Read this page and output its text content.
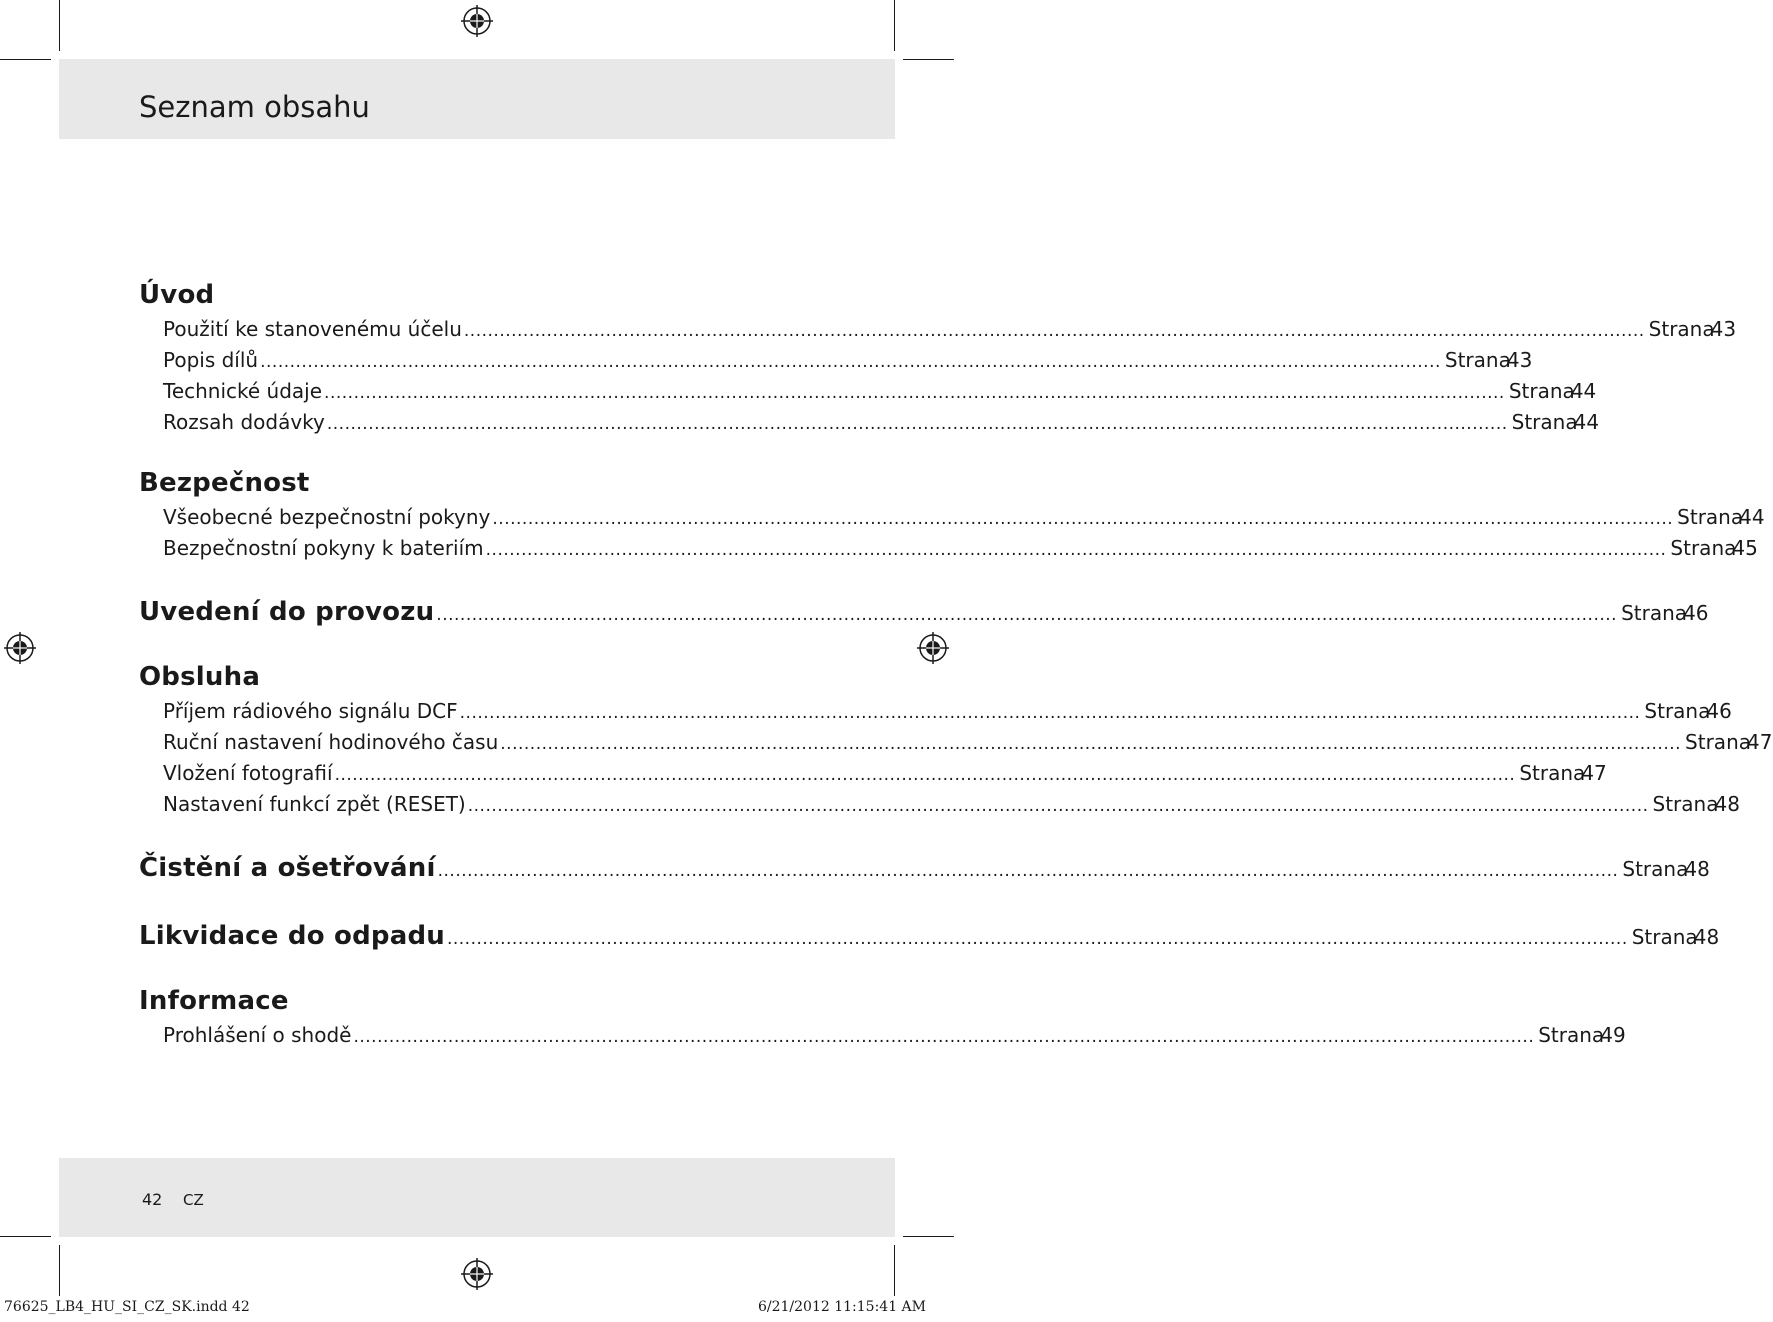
Seznam obsahu
Úvod
Použití ke stanovenému účelu ........................................................................................................................................................................................................ Strana
43
Popis dílů ........................................................................................................................................................................................................ Strana
43
Technické údaje ........................................................................................................................................................................................................ Strana
44
Rozsah dodávky ........................................................................................................................................................................................................ Strana
44
Bezpečnost
Všeobecné bezpečnostní pokyny ........................................................................................................................................................................................................ Strana
44
Bezpečnostní pokyny k bateriím ........................................................................................................................................................................................................ Strana
45
Uvedení do provozu ........................................................................................................................................................................................................ Strana
46
Obsluha
Příjem rádiového signálu DCF ........................................................................................................................................................................................................ Strana
46
Ruční nastavení hodinového času ........................................................................................................................................................................................................ Strana
47
Vložení fotografií ........................................................................................................................................................................................................ Strana
47
Nastavení funkcí zpět (RESET) ........................................................................................................................................................................................................ Strana
48
Čistění a ošetřování ........................................................................................................................................................................................................ Strana
48
Likvidace do odpadu ........................................................................................................................................................................................................ Strana
48
Informace
Prohlášení o shodě ........................................................................................................................................................................................................ Strana
49
42 CZ
76625_LB4_HU_SI_CZ_SK.indd 42	6/21/2012 11:15:41 AM
